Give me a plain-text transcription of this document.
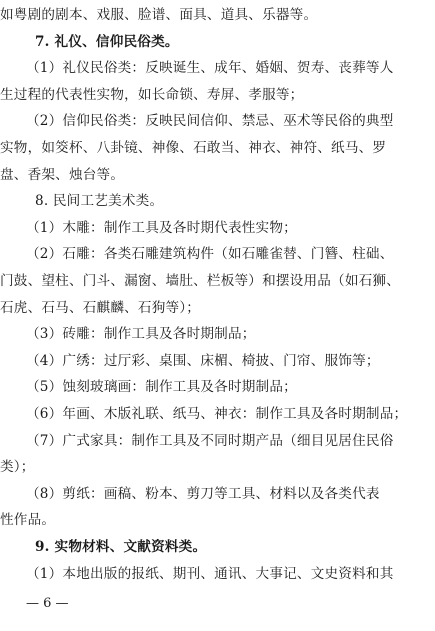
如粤剧的剧本、戏服、脸谱、面具、道具、乐器等。
7. 礼仪、信仰民俗类。
（1）礼仪民俗类：反映诞生、成年、婚姻、贺寿、丧葬等人
生过程的代表性实物，如长命锁、寿屏、孝服等；
（2）信仰民俗类：反映民间信仰、禁忌、巫术等民俗的典型
实物，如筊杯、八卦镜、神像、石敢当、神衣、神符、纸马、罗
盘、香架、烛台等。
8. 民间工艺美术类。
（1）木雕：制作工具及各时期代表性实物；
（2）石雕：各类石雕建筑构件（如石雕雀替、门簪、柱础、
门鼓、望柱、门斗、漏窗、墙肚、栏板等）和摆设用品（如石狮、
石虎、石马、石麒麟、石狗等）；
（3）砖雕：制作工具及各时期制品；
（4）广绣：过厅彩、桌围、床楣、椅披、门帘、服饰等；
（5）蚀刻玻璃画：制作工具及各时期制品；
（6）年画、木版礼联、纸马、神衣：制作工具及各时期制品；
（7）广式家具：制作工具及不同时期产品（细目见居住民俗
类）；
（8）剪纸：画稿、粉本、剪刀等工具、材料以及各类代表
性作品。
9. 实物材料、文献资料类。
（1）本地出版的报纸、期刊、通讯、大事记、文史资料和其
— 6 —
